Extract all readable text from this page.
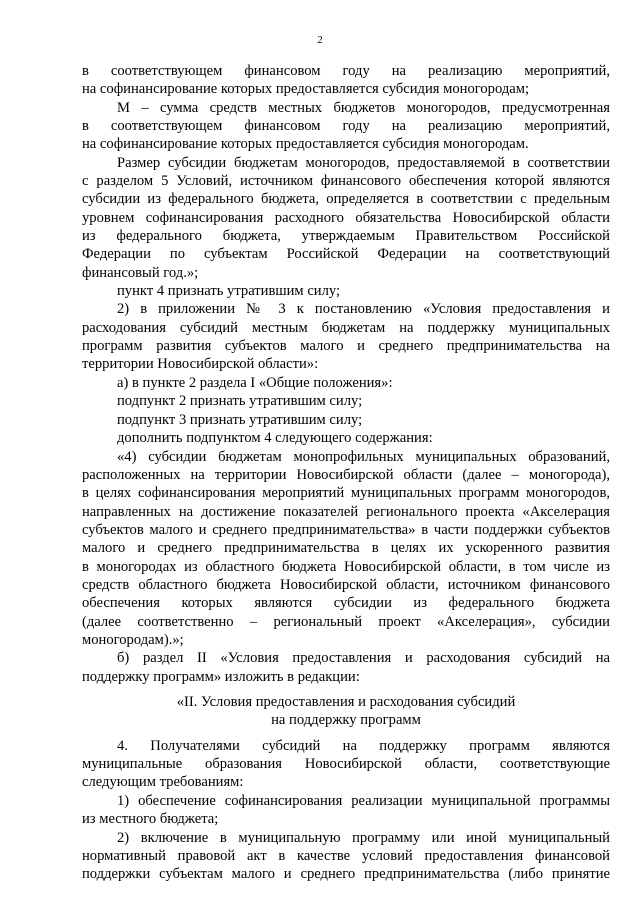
2
в соответствующем финансовом году на реализацию мероприятий,
на софинансирование которых предоставляется субсидия моногородам;
M – сумма средств местных бюджетов моногородов, предусмотренная
в соответствующем финансовом году на реализацию мероприятий,
на софинансирование которых предоставляется субсидия моногородам.
Размер субсидии бюджетам моногородов, предоставляемой в соответствии
с разделом 5 Условий, источником финансового обеспечения которой являются
субсидии из федерального бюджета, определяется в соответствии с предельным
уровнем софинансирования расходного обязательства Новосибирской области
из федерального бюджета, утверждаемым Правительством Российской
Федерации по субъектам Российской Федерации на соответствующий
финансовый год.»;
пункт 4 признать утратившим силу;
2) в приложении № 3 к постановлению «Условия предоставления и
расходования субсидий местным бюджетам на поддержку муниципальных
программ развития субъектов малого и среднего предпринимательства на
территории Новосибирской области»:
а) в пункте 2 раздела I «Общие положения»:
подпункт 2 признать утратившим силу;
подпункт 3 признать утратившим силу;
дополнить подпунктом 4 следующего содержания:
«4) субсидии бюджетам монопрофильных муниципальных образований,
расположенных на территории Новосибирской области (далее – моногорода),
в целях софинансирования мероприятий муниципальных программ моногородов,
направленных на достижение показателей регионального проекта «Акселерация
субъектов малого и среднего предпринимательства» в части поддержки субъектов
малого и среднего предпринимательства в целях их ускоренного развития
в моногородах из областного бюджета Новосибирской области, в том числе из
средств областного бюджета Новосибирской области, источником финансового
обеспечения которых являются субсидии из федерального бюджета
(далее соответственно – региональный проект «Акселерация», субсидии
моногородам).»;
б) раздел II «Условия предоставления и расходования субсидий на
поддержку программ» изложить в редакции:
«II. Условия предоставления и расходования субсидий
на поддержку программ
4. Получателями субсидий на поддержку программ являются
муниципальные образования Новосибирской области, соответствующие
следующим требованиям:
1) обеспечение софинансирования реализации муниципальной программы
из местного бюджета;
2) включение в муниципальную программу или иной муниципальный
нормативный правовой акт в качестве условий предоставления финансовой
поддержки субъектам малого и среднего предпринимательства (либо принятие
